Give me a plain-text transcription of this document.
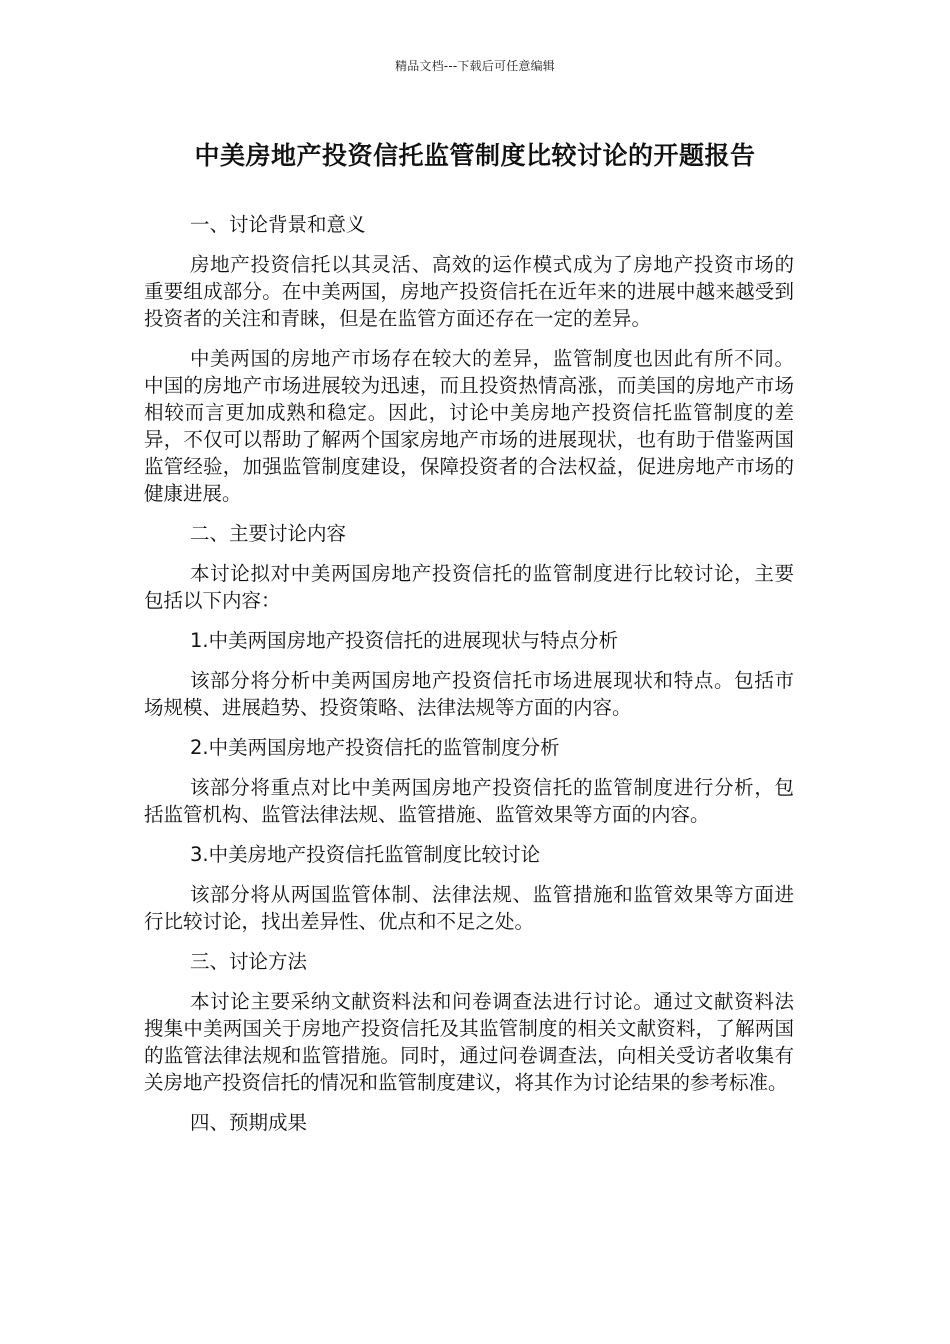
精品文档---下载后可任意编辑
中美房地产投资信托监管制度比较讨论的开题报告

一、讨论背景和意义

房地产投资信托以其灵活、高效的运作模式成为了房地产投资市场的重要组成部分。在中美两国，房地产投资信托在近年来的进展中越来越受到投资者的关注和青睐，但是在监管方面还存在一定的差异。

中美两国的房地产市场存在较大的差异，监管制度也因此有所不同。中国的房地产市场进展较为迅速，而且投资热情高涨，而美国的房地产市场相较而言更加成熟和稳定。因此，讨论中美房地产投资信托监管制度的差异，不仅可以帮助了解两个国家房地产市场的进展现状，也有助于借鉴两国监管经验，加强监管制度建设，保障投资者的合法权益，促进房地产市场的健康进展。

二、主要讨论内容

本讨论拟对中美两国房地产投资信托的监管制度进行比较讨论，主要包括以下内容：

1.中美两国房地产投资信托的进展现状与特点分析

该部分将分析中美两国房地产投资信托市场进展现状和特点。包括市场规模、进展趋势、投资策略、法律法规等方面的内容。

2.中美两国房地产投资信托的监管制度分析

该部分将重点对比中美两国房地产投资信托的监管制度进行分析，包括监管机构、监管法律法规、监管措施、监管效果等方面的内容。

3.中美房地产投资信托监管制度比较讨论

该部分将从两国监管体制、法律法规、监管措施和监管效果等方面进行比较讨论，找出差异性、优点和不足之处。

三、讨论方法

本讨论主要采纳文献资料法和问卷调查法进行讨论。通过文献资料法搜集中美两国关于房地产投资信托及其监管制度的相关文献资料，了解两国的监管法律法规和监管措施。同时，通过问卷调查法，向相关受访者收集有关房地产投资信托的情况和监管制度建议，将其作为讨论结果的参考标准。

四、预期成果
